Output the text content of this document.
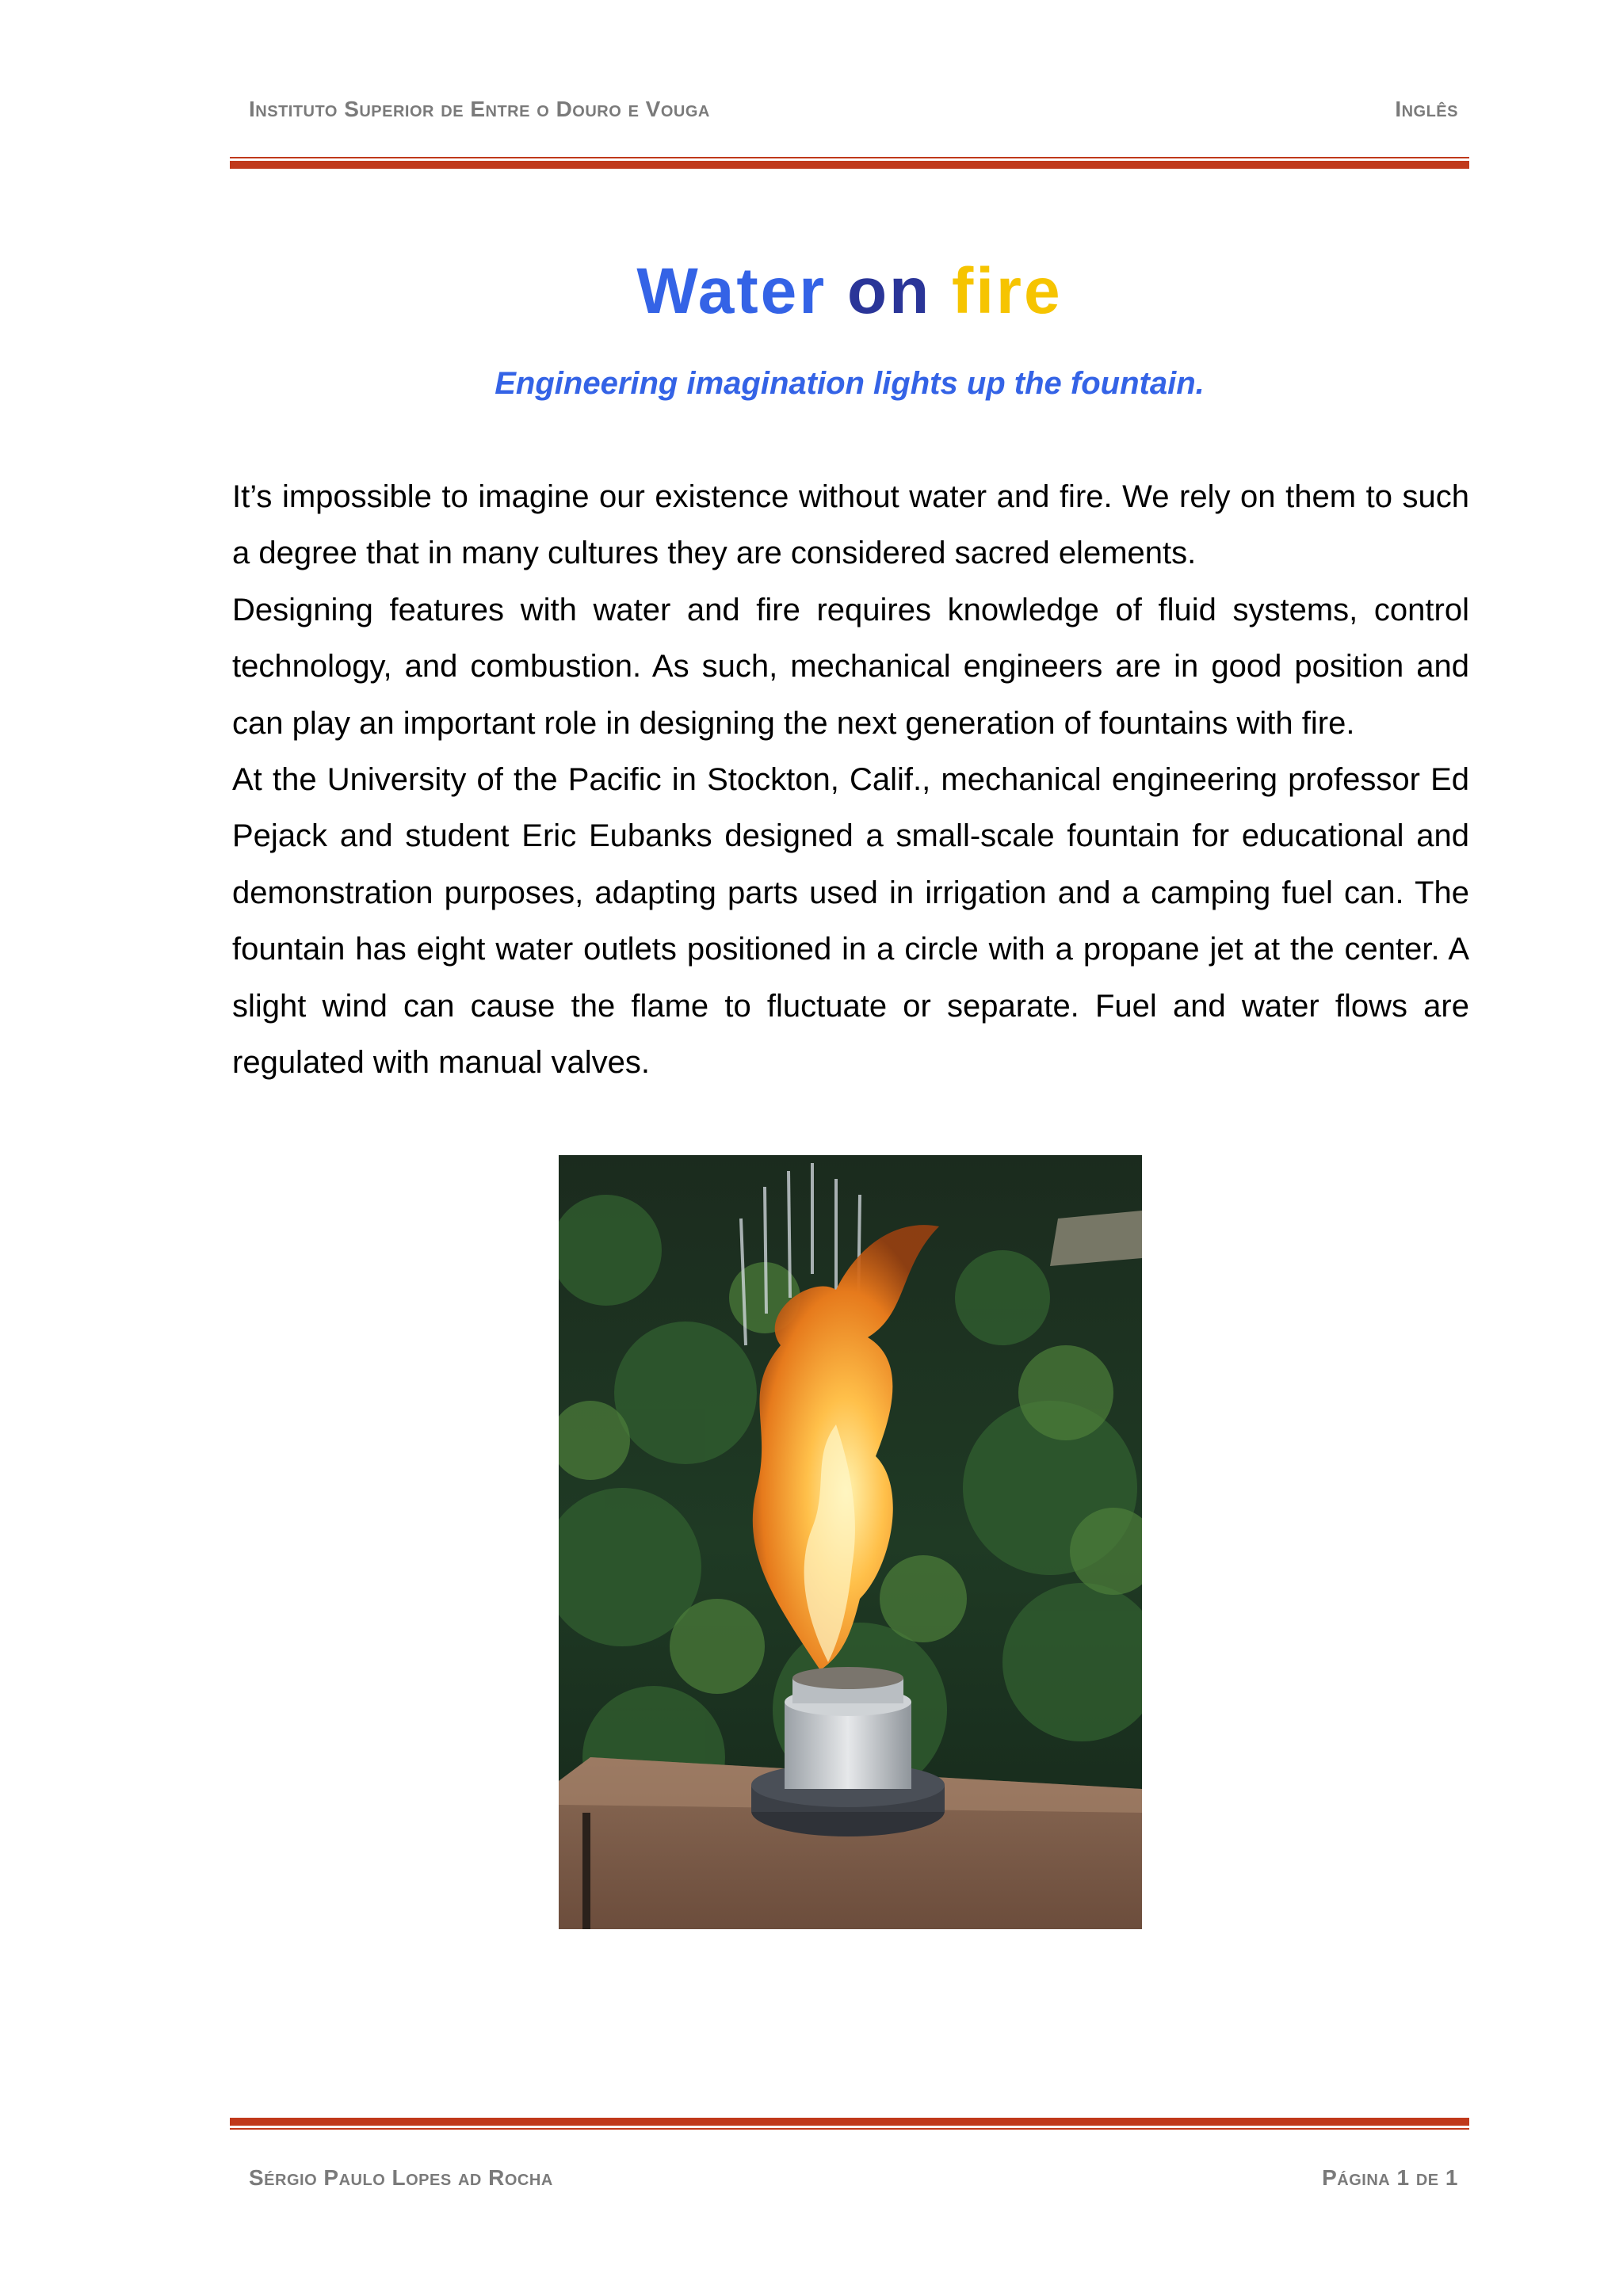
Instituto Superior de Entre o Douro e Vouga	Inglês
Water on fire
Engineering imagination lights up the fountain.

It’s impossible to imagine our existence without water and fire. We rely on them to such a degree that in many cultures they are considered sacred elements.

Designing features with water and fire requires knowledge of fluid systems, control technology, and combustion. As such, mechanical engineers are in good position and can play an important role in designing the next generation of fountains with fire.

At the University of the Pacific in Stockton, Calif., mechanical engineering professor Ed Pejack and student Eric Eubanks designed a small-scale fountain for educational and demonstration purposes, adapting parts used in irrigation and a camping fuel can. The fountain has eight water outlets positioned in a circle with a propane jet at the center. A slight wind can cause the flame to fluctuate or separate. Fuel and water flows are regulated with manual valves.

Sérgio Paulo Lopes ad Rocha	Página 1 de 1
